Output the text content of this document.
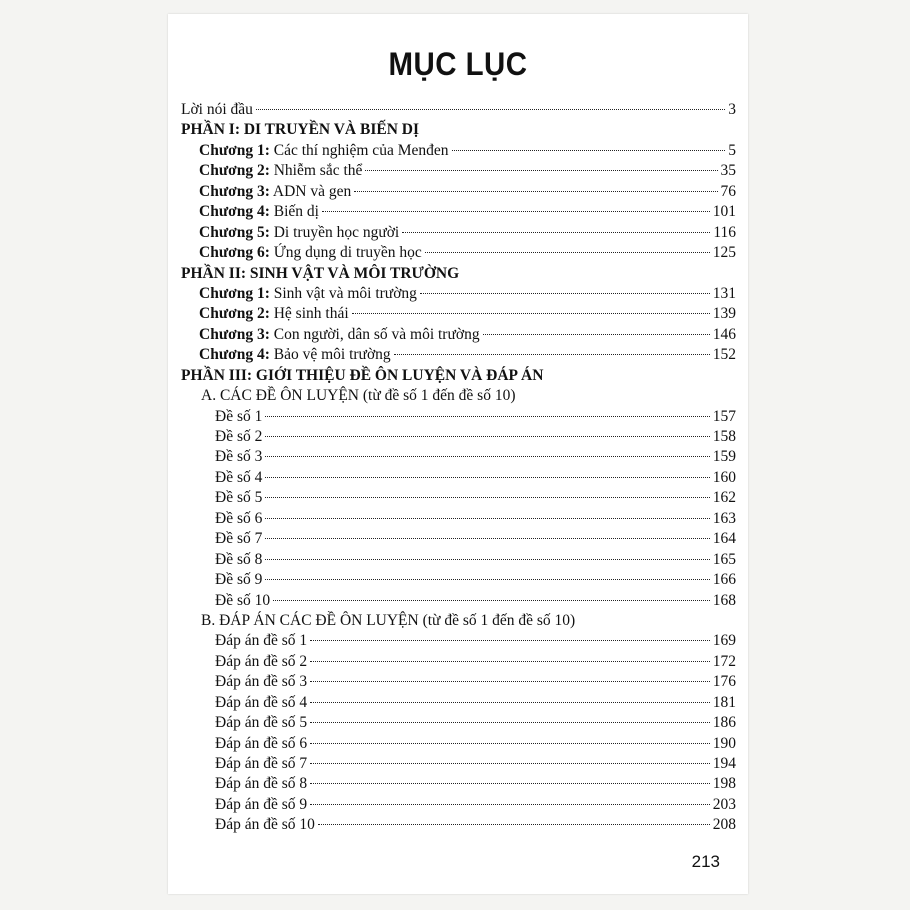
MỤC LỤC
Lời nói đầu	3
PHẦN I: DI TRUYỀN VÀ BIẾN DỊ
Chương 1: Các thí nghiệm của Menđen	5
Chương 2: Nhiễm sắc thể	35
Chương 3: ADN và gen	76
Chương 4: Biến dị	101
Chương 5: Di truyền học người	116
Chương 6: Ứng dụng di truyền học	125
PHẦN II: SINH VẬT VÀ MÔI TRƯỜNG
Chương 1: Sinh vật và môi trường	131
Chương 2: Hệ sinh thái	139
Chương 3: Con người, dân số và môi trường	146
Chương 4: Bảo vệ môi trường	152
PHẦN III: GIỚI THIỆU ĐỀ ÔN LUYỆN VÀ ĐÁP ÁN
A. CÁC ĐỀ ÔN LUYỆN (từ đề số 1 đến đề số 10)
Đề số 1	157
Đề số 2	158
Đề số 3	159
Đề số 4	160
Đề số 5	162
Đề số 6	163
Đề số 7	164
Đề số 8	165
Đề số 9	166
Đề số 10	168
B. ĐÁP ÁN CÁC ĐỀ ÔN LUYỆN (từ đề số 1 đến đề số 10)
Đáp án đề số 1	169
Đáp án đề số 2	172
Đáp án đề số 3	176
Đáp án đề số 4	181
Đáp án đề số 5	186
Đáp án đề số 6	190
Đáp án đề số 7	194
Đáp án đề số 8	198
Đáp án đề số 9	203
Đáp án đề số 10	208
213
